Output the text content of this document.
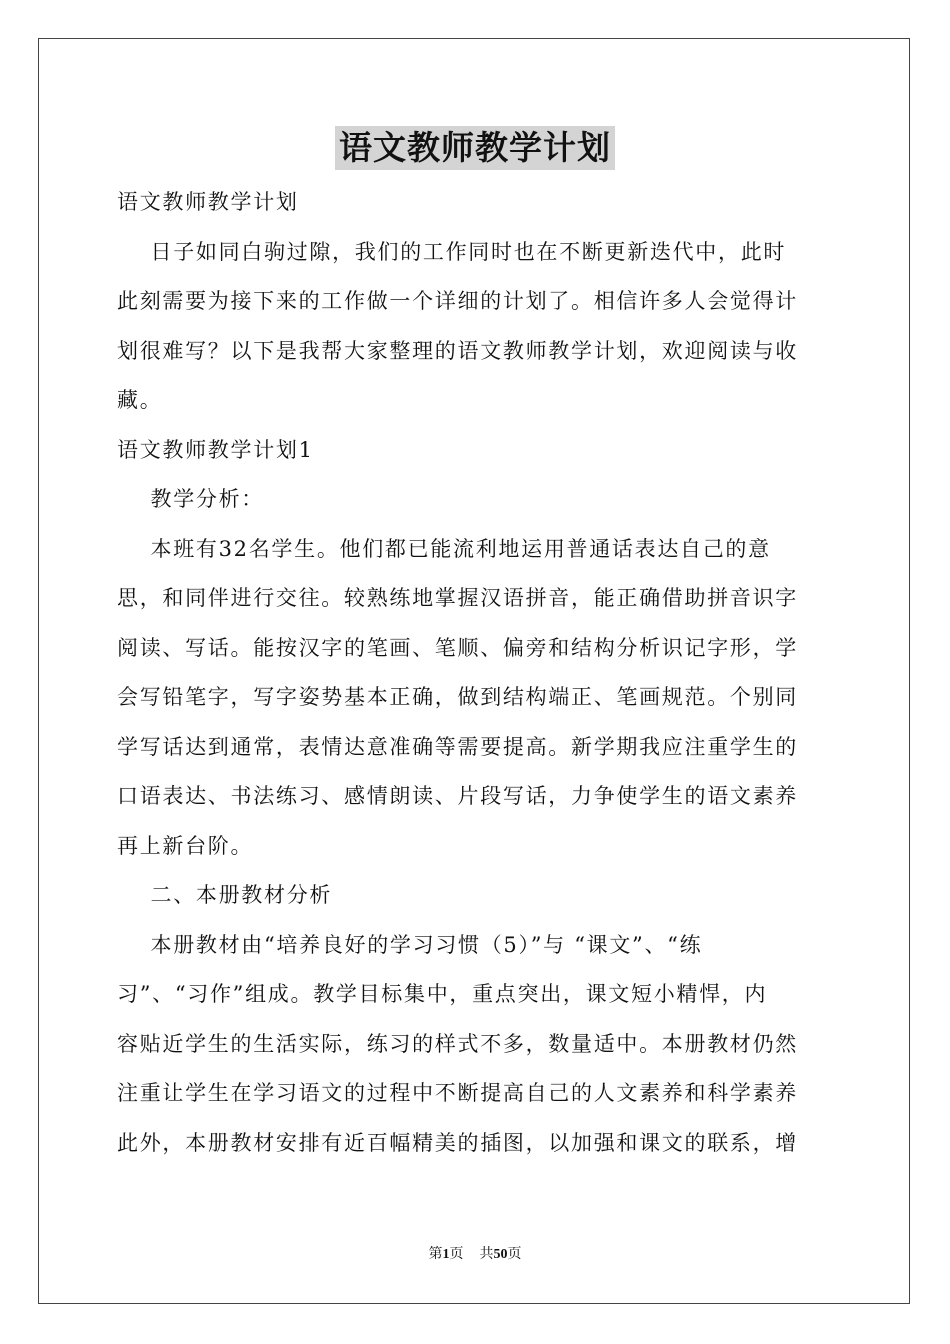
语文教师教学计划
语文教师教学计划
日子如同白驹过隙，我们的工作同时也在不断更新迭代中，此时
此刻需要为接下来的工作做一个详细的计划了。相信许多人会觉得计
划很难写？以下是我帮大家整理的语文教师教学计划，欢迎阅读与收
藏。
语文教师教学计划1
教学分析：
本班有32名学生。他们都已能流利地运用普通话表达自己的意
思，和同伴进行交往。较熟练地掌握汉语拼音，能正确借助拼音识字
阅读、写话。能按汉字的笔画、笔顺、偏旁和结构分析识记字形，学
会写铅笔字，写字姿势基本正确，做到结构端正、笔画规范。个别同
学写话达到通常，表情达意准确等需要提高。新学期我应注重学生的
口语表达、书法练习、感情朗读、片段写话，力争使学生的语文素养
再上新台阶。
二、本册教材分析
本册教材由“培养良好的学习习惯（5）”与 “课文”、“练
习”、“习作”组成。教学目标集中，重点突出，课文短小精悍，内
容贴近学生的生活实际，练习的样式不多，数量适中。本册教材仍然
注重让学生在学习语文的过程中不断提高自己的人文素养和科学素养
此外，本册教材安排有近百幅精美的插图，以加强和课文的联系，增
第1页 共50页
